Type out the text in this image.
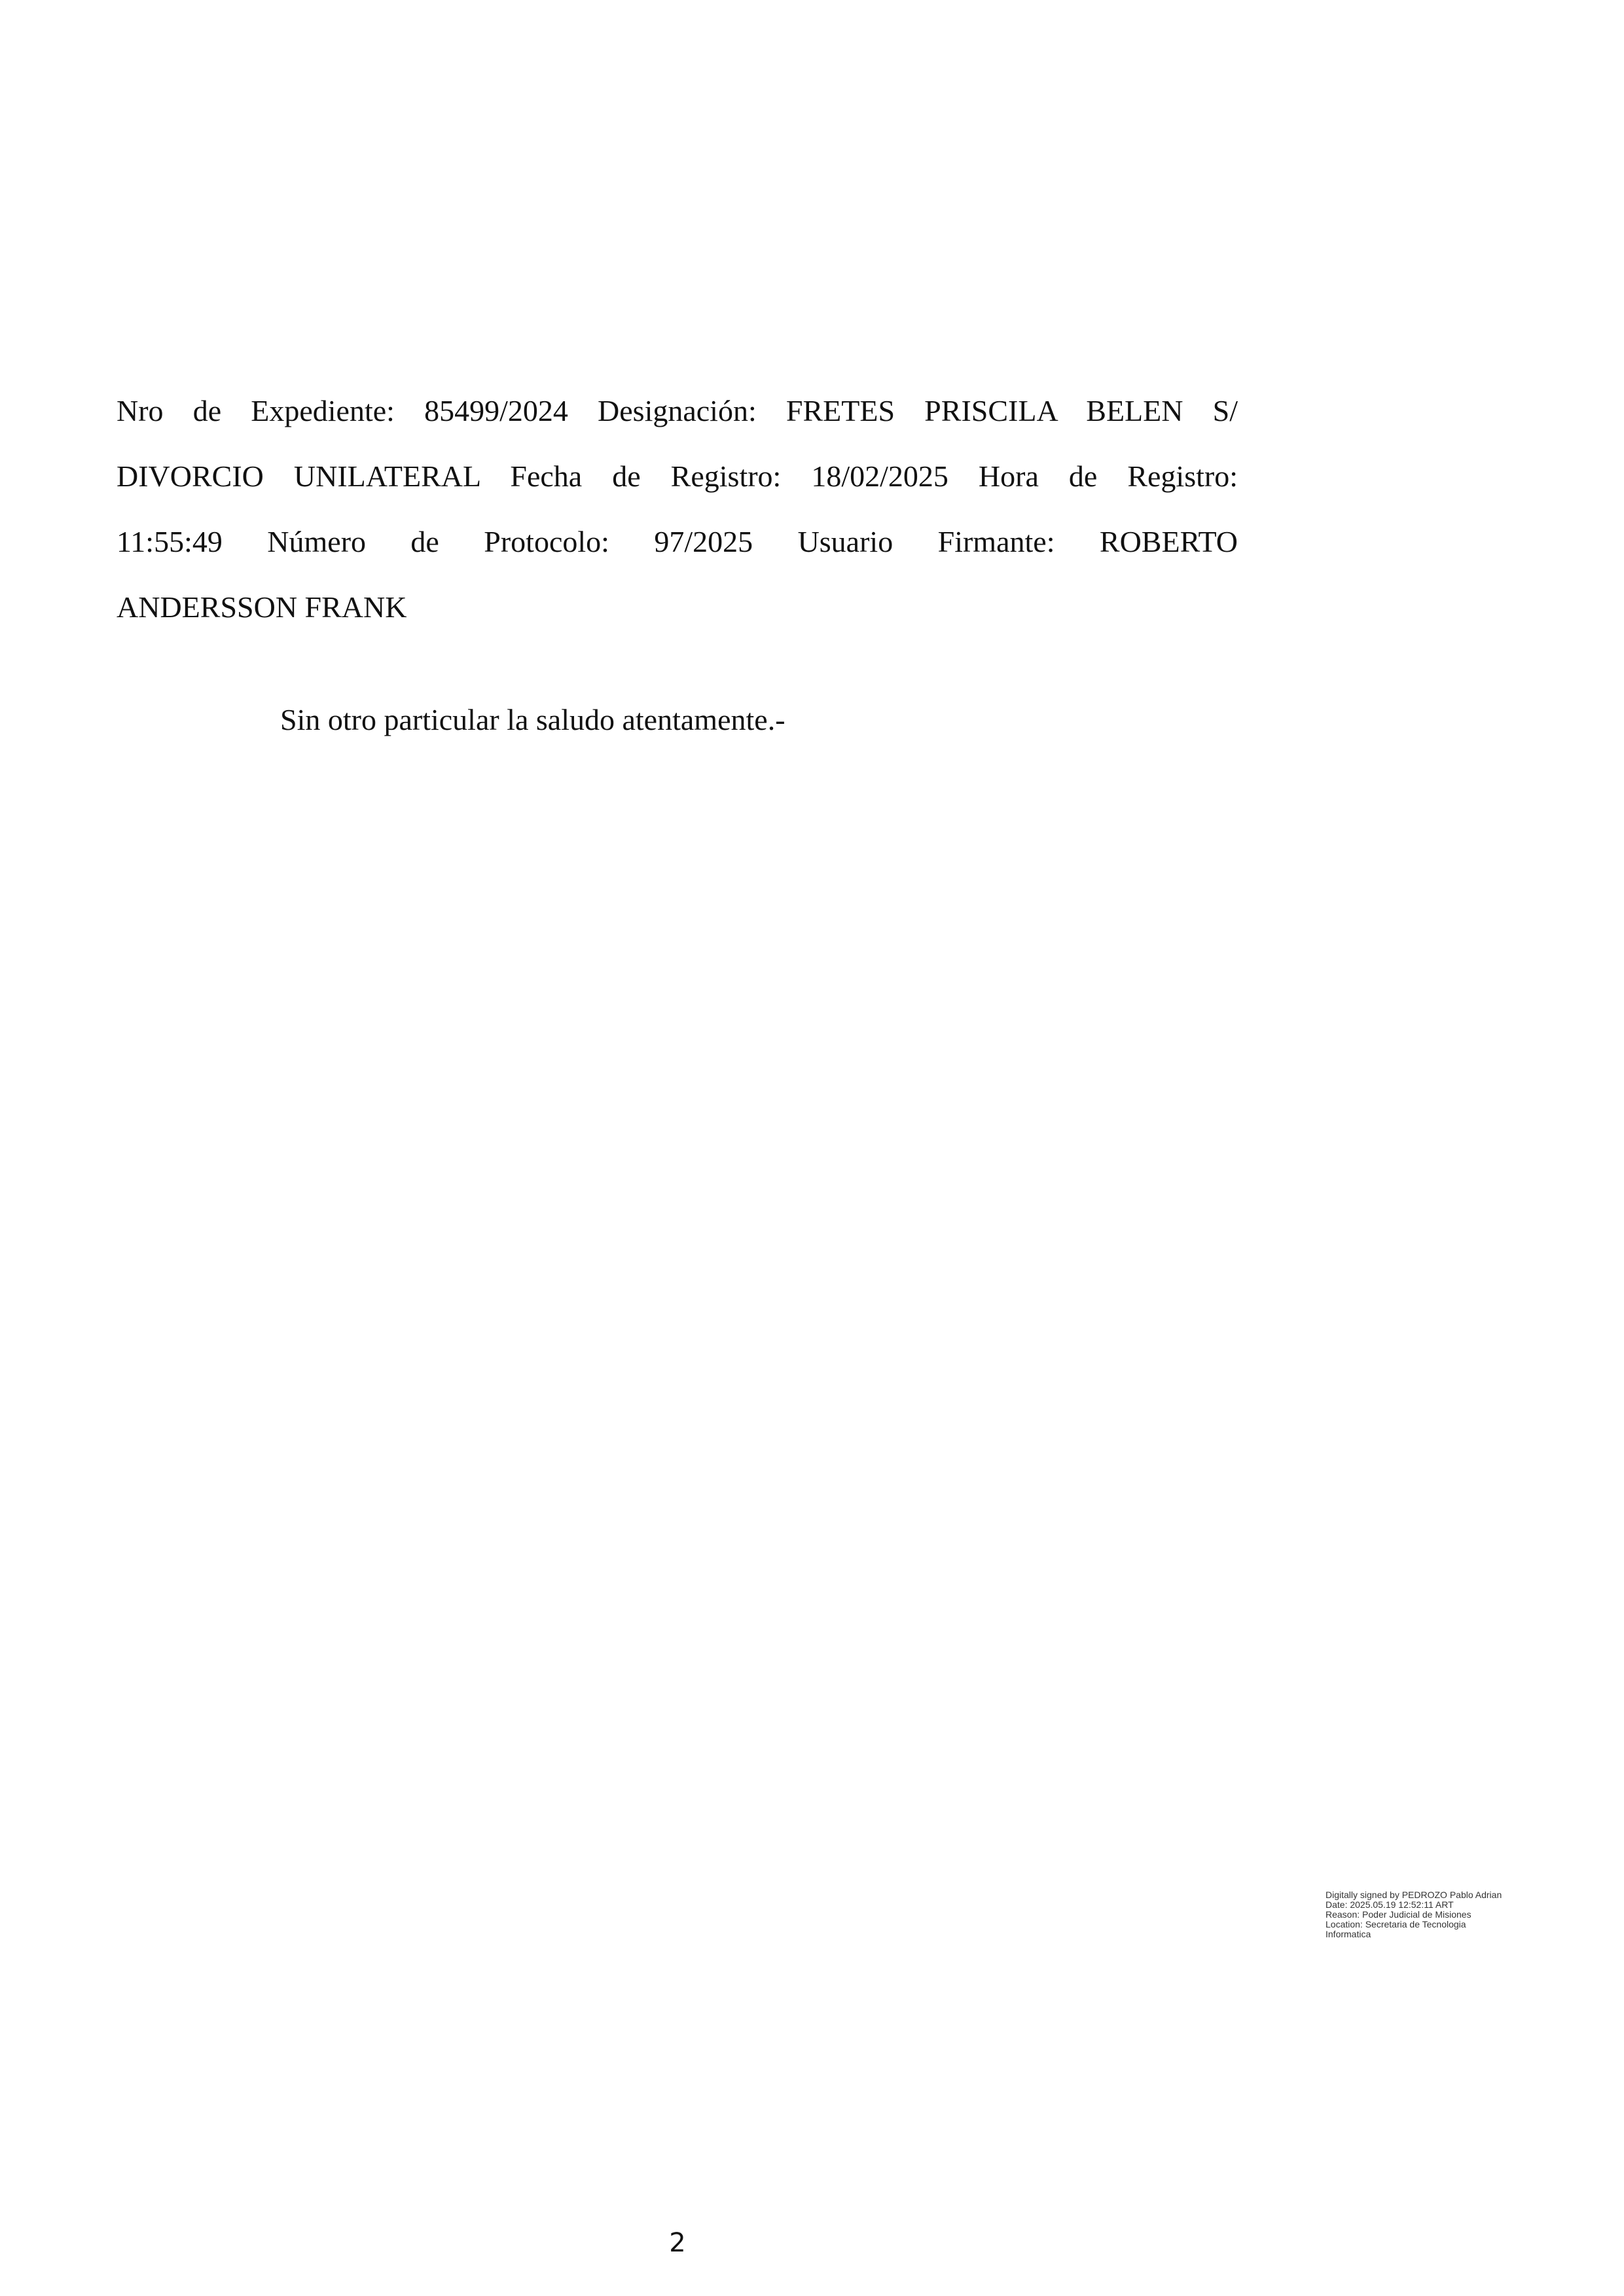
Nro de Expediente: 85499/2024 Designación: FRETES PRISCILA BELEN S/
DIVORCIO UNILATERAL Fecha de Registro: 18/02/2025 Hora de Registro:
11:55:49 Número de Protocolo: 97/2025 Usuario Firmante: ROBERTO
ANDERSSON FRANK
Sin otro particular la saludo atentamente.-
Digitally signed by PEDROZO Pablo Adrian
Date: 2025.05.19 12:52:11 ART
Reason: Poder Judicial de Misiones
Location: Secretaria de Tecnologia
Informatica
2
